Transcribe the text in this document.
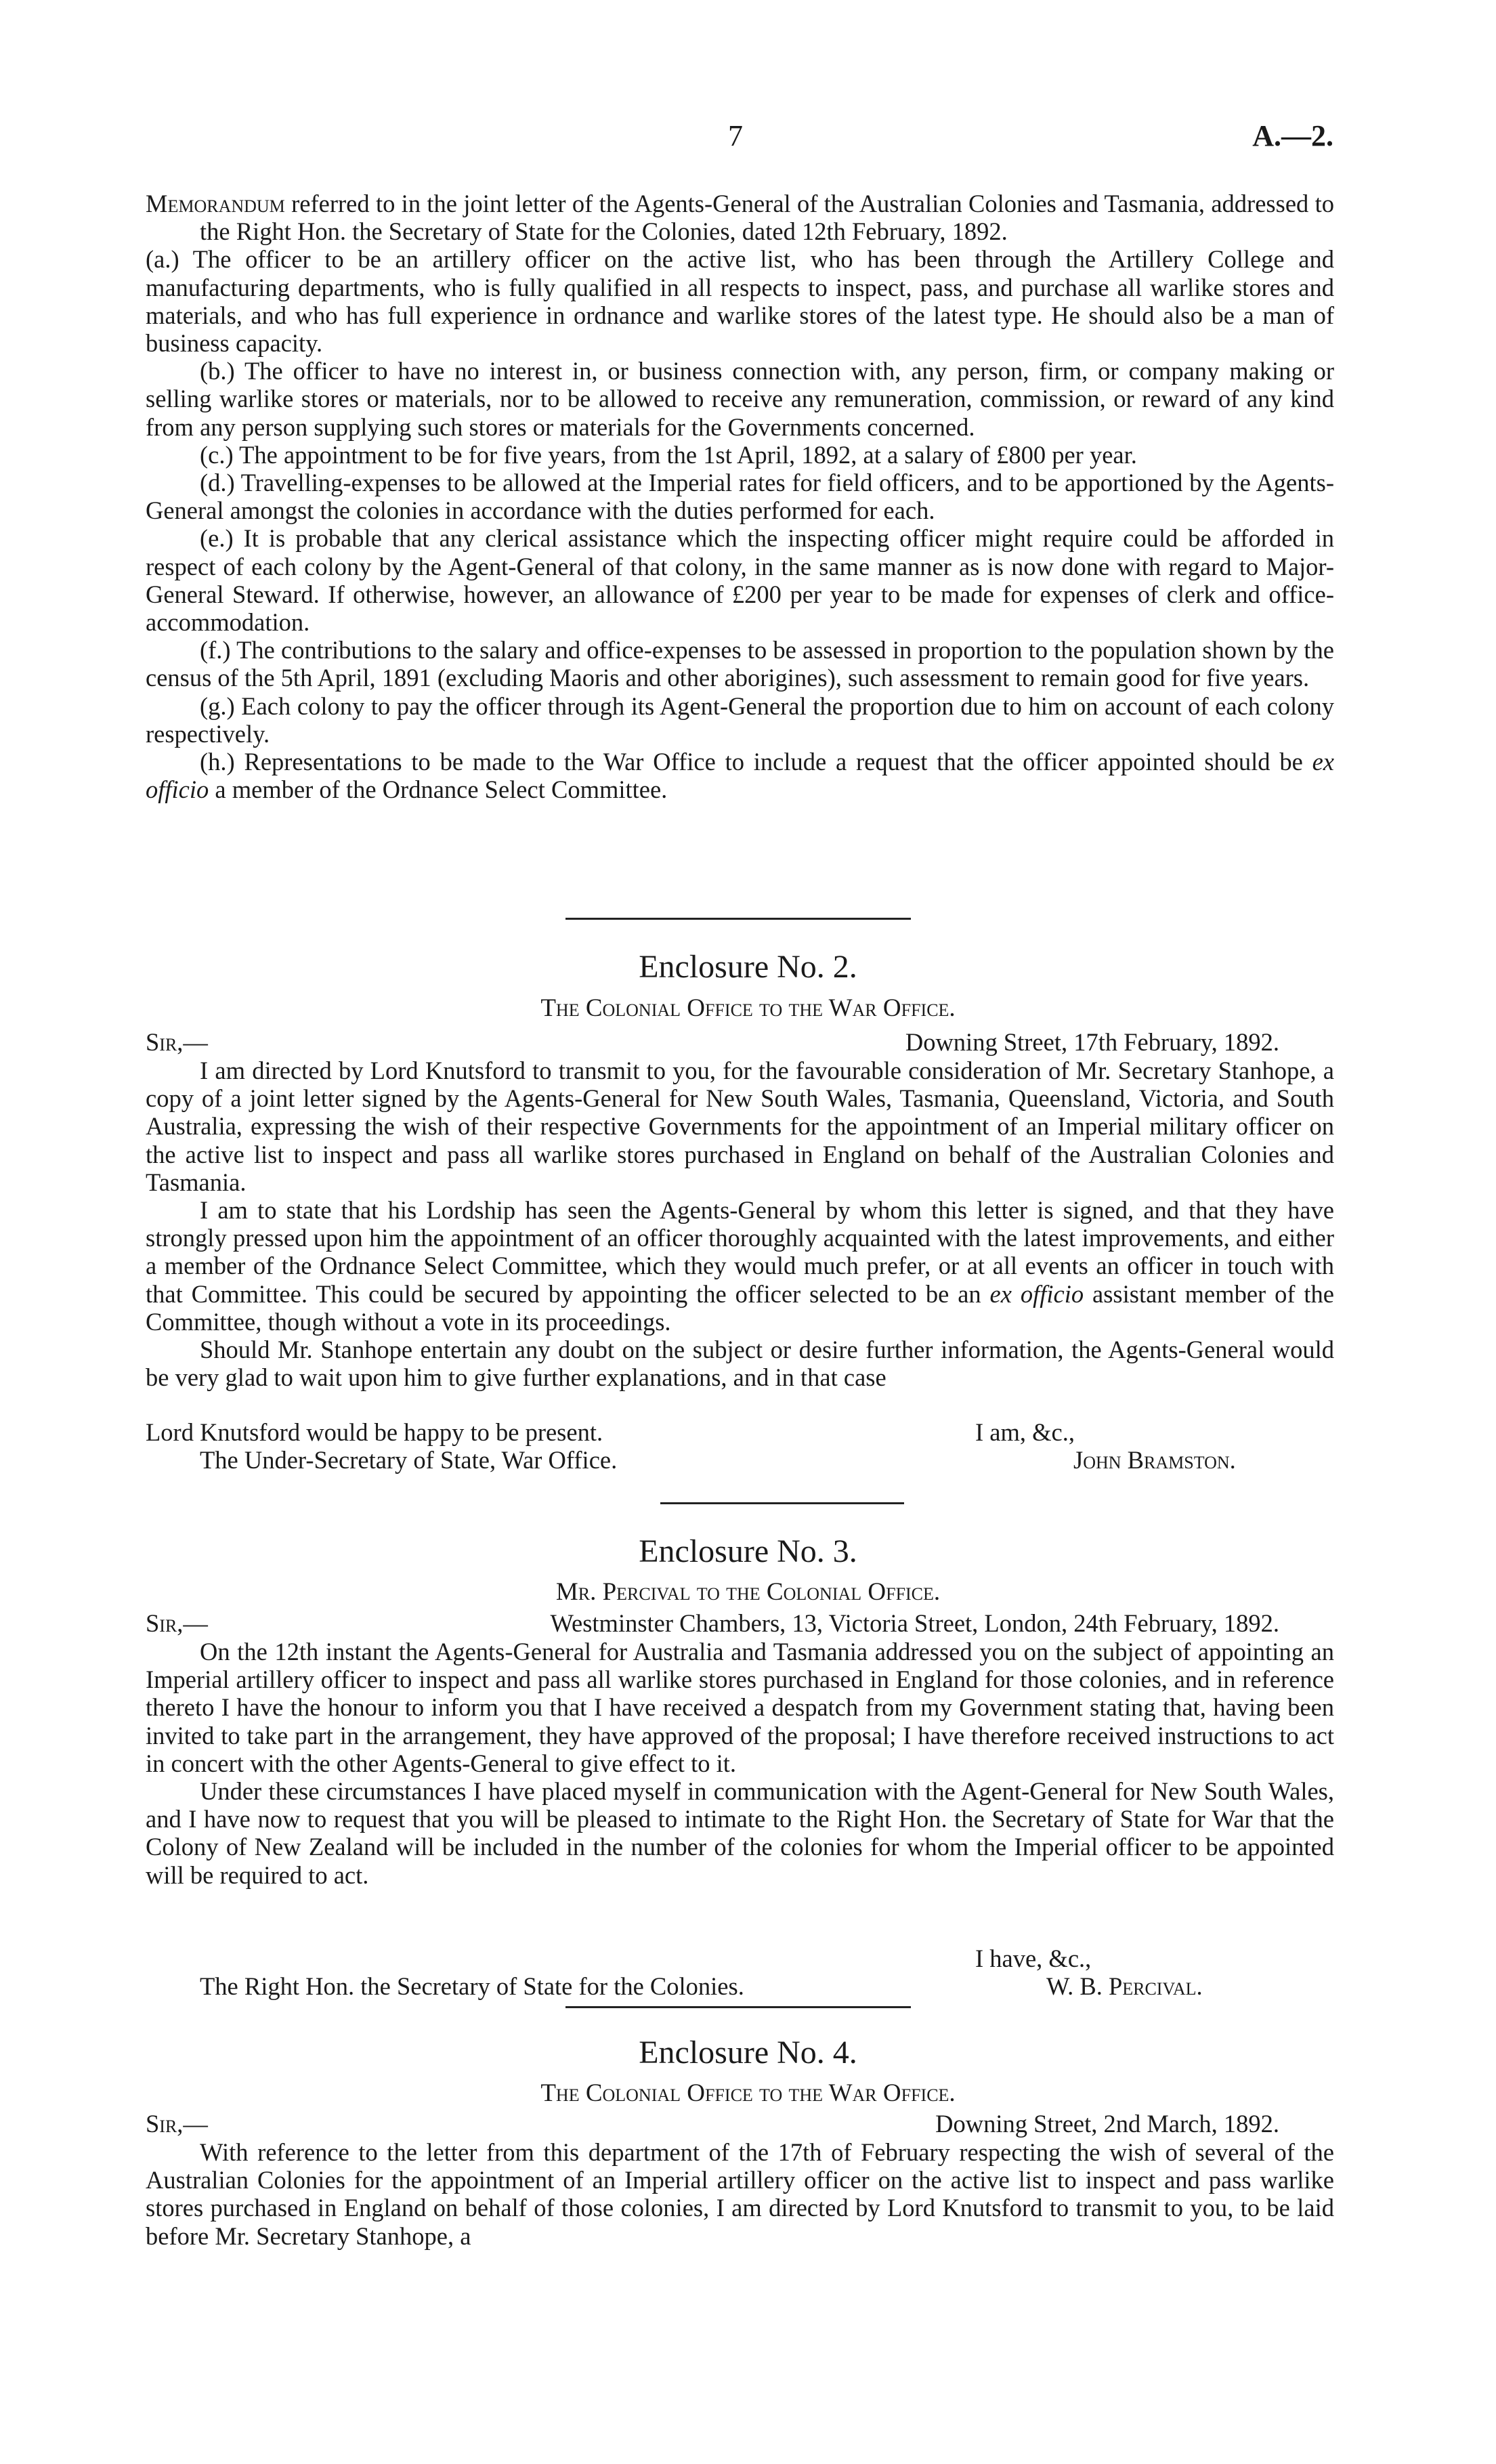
7	A.—2.

Memorandum referred to in the joint letter of the Agents-General of the Australian Colonies and Tasmania, addressed to the Right Hon. the Secretary of State for the Colonies, dated 12th February, 1892.

(a.) The officer to be an artillery officer on the active list, who has been through the Artillery College and manufacturing departments, who is fully qualified in all respects to inspect, pass, and purchase all warlike stores and materials, and who has full experience in ordnance and warlike stores of the latest type. He should also be a man of business capacity.

(b.) The officer to have no interest in, or business connection with, any person, firm, or company making or selling warlike stores or materials, nor to be allowed to receive any remuneration, commission, or reward of any kind from any person supplying such stores or materials for the Governments concerned.

(c.) The appointment to be for five years, from the 1st April, 1892, at a salary of £800 per year.

(d.) Travelling-expenses to be allowed at the Imperial rates for field officers, and to be apportioned by the Agents-General amongst the colonies in accordance with the duties performed for each.

(e.) It is probable that any clerical assistance which the inspecting officer might require could be afforded in respect of each colony by the Agent-General of that colony, in the same manner as is now done with regard to Major-General Steward. If otherwise, however, an allowance of £200 per year to be made for expenses of clerk and office-accommodation.

(f.) The contributions to the salary and office-expenses to be assessed in proportion to the population shown by the census of the 5th April, 1891 (excluding Maoris and other aborigines), such assessment to remain good for five years.

(g.) Each colony to pay the officer through its Agent-General the proportion due to him on account of each colony respectively.

(h.) Representations to be made to the War Office to include a request that the officer appointed should be ex officio a member of the Ordnance Select Committee.

Enclosure No. 2.
The Colonial Office to the War Office.
Sir,—	Downing Street, 17th February, 1892.

I am directed by Lord Knutsford to transmit to you, for the favourable consideration of Mr. Secretary Stanhope, a copy of a joint letter signed by the Agents-General for New South Wales, Tasmania, Queensland, Victoria, and South Australia, expressing the wish of their respective Governments for the appointment of an Imperial military officer on the active list to inspect and pass all warlike stores purchased in England on behalf of the Australian Colonies and Tasmania.

I am to state that his Lordship has seen the Agents-General by whom this letter is signed, and that they have strongly pressed upon him the appointment of an officer thoroughly acquainted with the latest improvements, and either a member of the Ordnance Select Committee, which they would much prefer, or at all events an officer in touch with that Committee. This could be secured by appointing the officer selected to be an ex officio assistant member of the Committee, though without a vote in its proceedings.

Should Mr. Stanhope entertain any doubt on the subject or desire further information, the Agents-General would be very glad to wait upon him to give further explanations, and in that case

Lord Knutsford would be happy to be present.	I am, &c.,
The Under-Secretary of State, War Office.	John Bramston.
Enclosure No. 3.
Mr. Percival to the Colonial Office.
Sir,—	Westminster Chambers, 13, Victoria Street, London, 24th February, 1892.

On the 12th instant the Agents-General for Australia and Tasmania addressed you on the subject of appointing an Imperial artillery officer to inspect and pass all warlike stores purchased in England for those colonies, and in reference thereto I have the honour to inform you that I have received a despatch from my Government stating that, having been invited to take part in the arrangement, they have approved of the proposal; I have therefore received instructions to act in concert with the other Agents-General to give effect to it.

Under these circumstances I have placed myself in communication with the Agent-General for New South Wales, and I have now to request that you will be pleased to intimate to the Right Hon. the Secretary of State for War that the Colony of New Zealand will be included in the number of the colonies for whom the Imperial officer to be appointed will be required to act.

I have, &c.,
The Right Hon. the Secretary of State for the Colonies.	W. B. Percival.
Enclosure No. 4.
The Colonial Office to the War Office.
Sir,—	Downing Street, 2nd March, 1892.

With reference to the letter from this department of the 17th of February respecting the wish of several of the Australian Colonies for the appointment of an Imperial artillery officer on the active list to inspect and pass warlike stores purchased in England on behalf of those colonies, I am directed by Lord Knutsford to transmit to you, to be laid before Mr. Secretary Stanhope, a
